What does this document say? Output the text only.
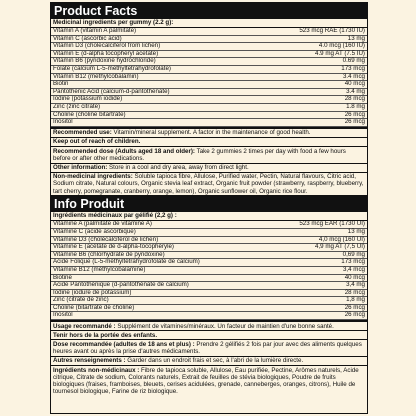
Product Facts
Medicinal ingredients per gummy (2.2 g):
Vitamin A (vitamin A palmitate)	523 mcg RAE (1730 IU)
Vitamin C (ascorbic acid)	13 mg
Vitamin D3 (cholecalciferol from lichen)	4.0 mcg (160 IU)
Vitamin E (d-alpha tocopheryl acetate)	4.9 mg AT (7.5 IU)
Vitamin B6 (pyridoxine hydrochloride)	0.69 mg
Folate (calcium L-5-methyltetrahydrofolate)	173 mcg
Vitamin B12 (methylcobalamin)	3.4 mcg
Biotin	40 mcg
Pantothenic Acid (calcium-d-pantothenate)	3.4 mg
Iodine (potassium iodide)	28 mcg
Zinc (zinc citrate)	1.8 mg
Choline (choline bitartrate)	26 mcg
Inositol	26 mcg
Recommended use: Vitamin/mineral supplement. A factor in the maintenance of good health.
Keep out of reach of children.
Recommended dose (Adults aged 18 and older): Take 2 gummies 2 times per day with food a few hours before or after other medications.
Other information: Store in a cool and dry area, away from direct light.
Non-medicinal ingredients: Soluble tapioca fibre, Allulose, Purified water, Pectin, Natural flavours, Citric acid, Sodium citrate, Natural colours, Organic stevia leaf extract, Organic fruit powder (strawberry, raspberry, blueberry, tart cherry, pomegranate, cranberry, orange, lemon), Organic sunflower oil, Organic rice flour.
Info Produit
Ingrédients médicinaux par gélifié (2,2 g) :
Vitamine A (palmitate de vitamine A)	523 mcg EAR (1730 UI)
Vitamine C (acide ascorbique)	13 mg
Vitamine D3 (cholécalciférol de lichen)	4,0 mcg (160 UI)
Vitamine E (acétate de d-alpha-tocophéryle)	4,9 mg AT (7,5 UI)
Vitamine B6 (chlorhydrate de pyridoxine)	0,69 mg
Acide Folique (L-5-méthyltétrahydrofolate de calcium)	173 mcg
Vitamine B12 (méthylcobalamine)	3,4 mcg
Biotine	40 mcg
Acide Pantothénique (d-pantothénate de calcium)	3,4 mg
Iodine (iodure de potassium)	28 mcg
Zinc (citrate de zinc)	1,8 mg
Choline (bitartrate de choline)	26 mcg
Inositol	26 mcg
Usage recommandé : Supplément de vitamines/minéraux. Un facteur de maintien d'une bonne santé.
Tenir hors de la portée des enfants.
Dose recommandée (adultes de 18 ans et plus) : Prendre 2 gélifiés 2 fois par jour avec des aliments quelques heures avant ou après la prise d'autres médicaments.
Autres renseignements : Garder dans un endroit frais et sec, à l'abri de la lumière directe.
Ingrédients non-médicinaux : Fibre de tapioca soluble, Allulose, Eau purifiée, Pectine, Arômes naturels, Acide citrique, Citrate de sodium, Colorants naturels, Extrait de feuilles de stévia biologiques, Poudre de fruits biologiques (fraises, framboises, bleuets, cerises acidulées, grenade, canneberges, oranges, citrons), Huile de tournesol biologique, Farine de riz biologique.
